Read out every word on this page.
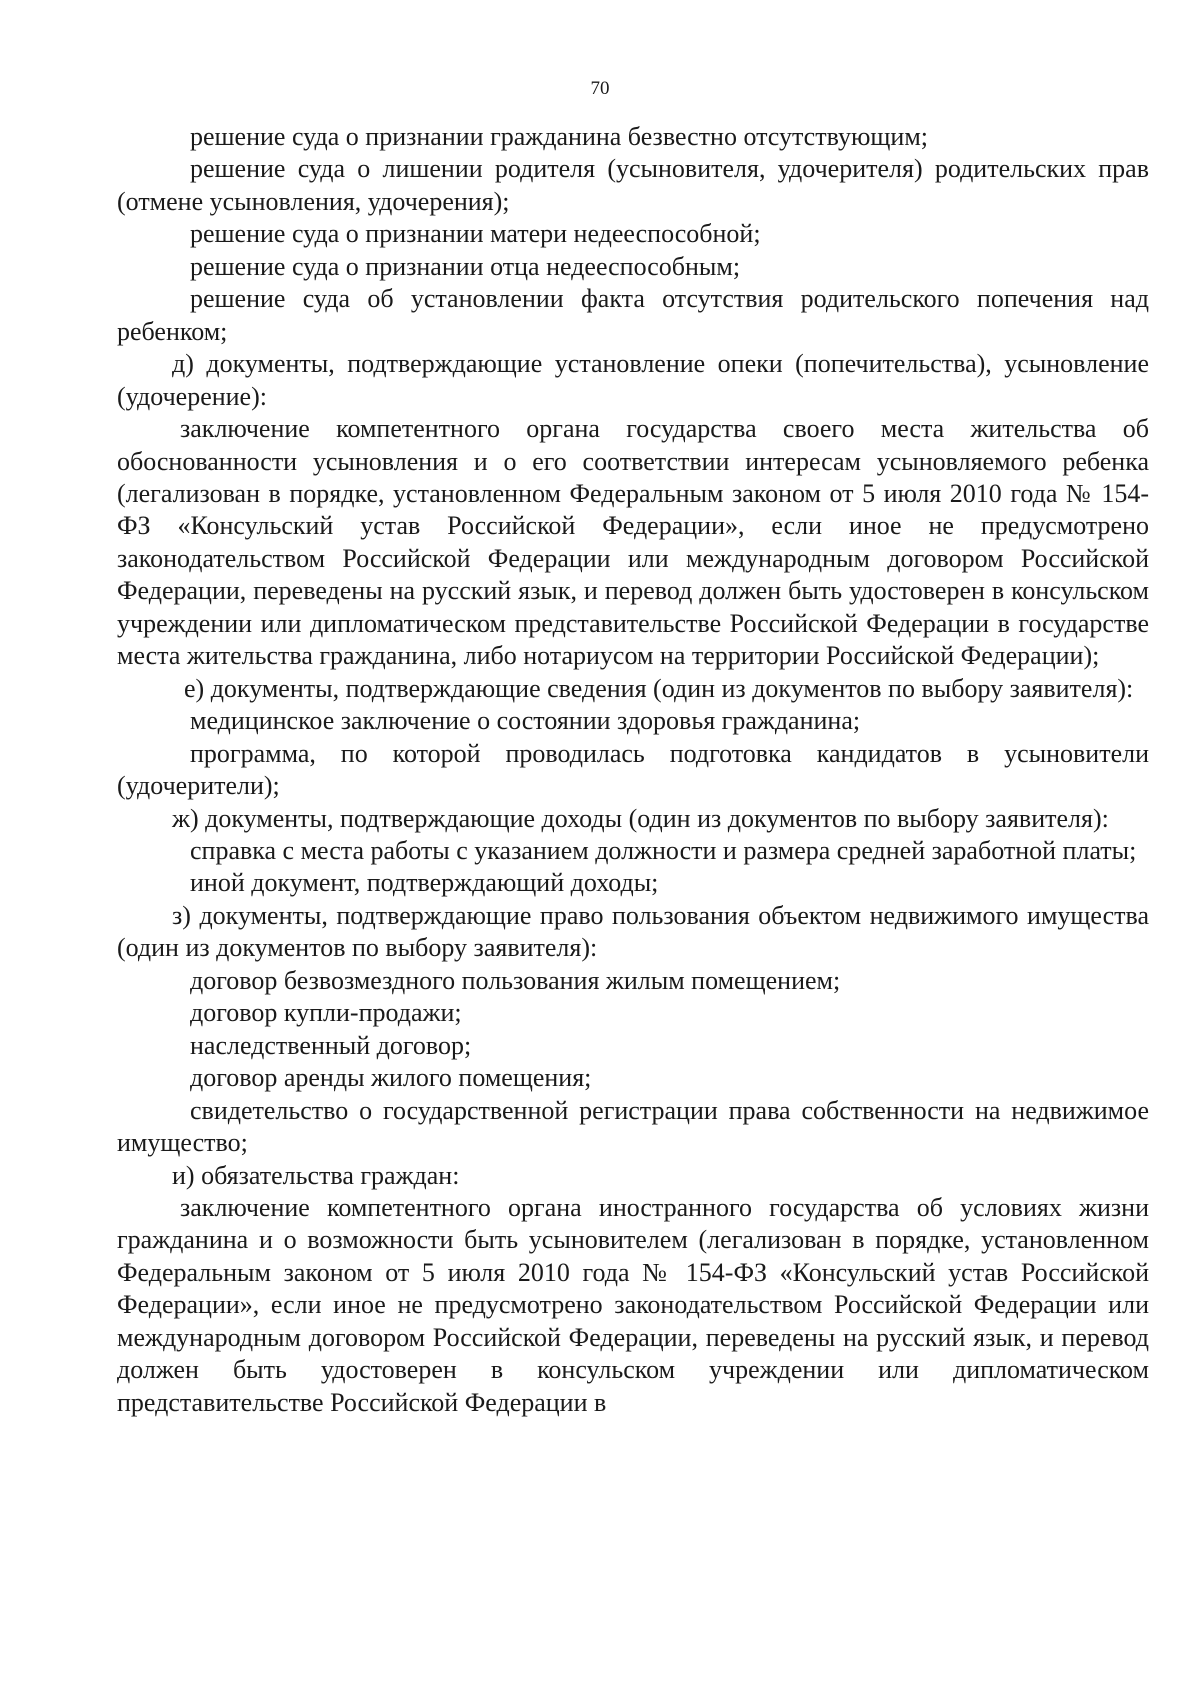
70

решение суда о признании гражданина безвестно отсутствующим;

решение суда о лишении родителя (усыновителя, удочерителя) родительских прав (отмене усыновления, удочерения);

решение суда о признании матери недееспособной;

решение суда о признании отца недееспособным;

решение суда об установлении факта отсутствия родительского попечения над ребенком;

д) документы, подтверждающие установление опеки (попечительства), усыновление (удочерение):

заключение компетентного органа государства своего места жительства об обоснованности усыновления и о его соответствии интересам усыновляемого ребенка (легализован в порядке, установленном Федеральным законом от 5 июля 2010 года № 154-ФЗ «Консульский устав Российской Федерации», если иное не предусмотрено законодательством Российской Федерации или международным договором Российской Федерации, переведены на русский язык, и перевод должен быть удостоверен в консульском учреждении или дипломатическом представительстве Российской Федерации в государстве места жительства гражданина, либо нотариусом на территории Российской Федерации);

е) документы, подтверждающие сведения (один из документов по выбору заявителя):

медицинское заключение о состоянии здоровья гражданина;

программа, по которой проводилась подготовка кандидатов в усыновители (удочерители);

ж) документы, подтверждающие доходы (один из документов по выбору заявителя):

справка с места работы с указанием должности и размера средней заработной платы;

иной документ, подтверждающий доходы;

з) документы, подтверждающие право пользования объектом недвижимого имущества (один из документов по выбору заявителя):

договор безвозмездного пользования жилым помещением;

договор купли-продажи;

наследственный договор;

договор аренды жилого помещения;

свидетельство о государственной регистрации права собственности на недвижимое имущество;

и) обязательства граждан:

заключение компетентного органа иностранного государства об условиях жизни гражданина и о возможности быть усыновителем (легализован в порядке, установленном Федеральным законом от 5 июля 2010 года № 154-ФЗ «Консульский устав Российской Федерации», если иное не предусмотрено законодательством Российской Федерации или международным договором Российской Федерации, переведены на русский язык, и перевод должен быть удостоверен в консульском учреждении или дипломатическом представительстве Российской Федерации в
